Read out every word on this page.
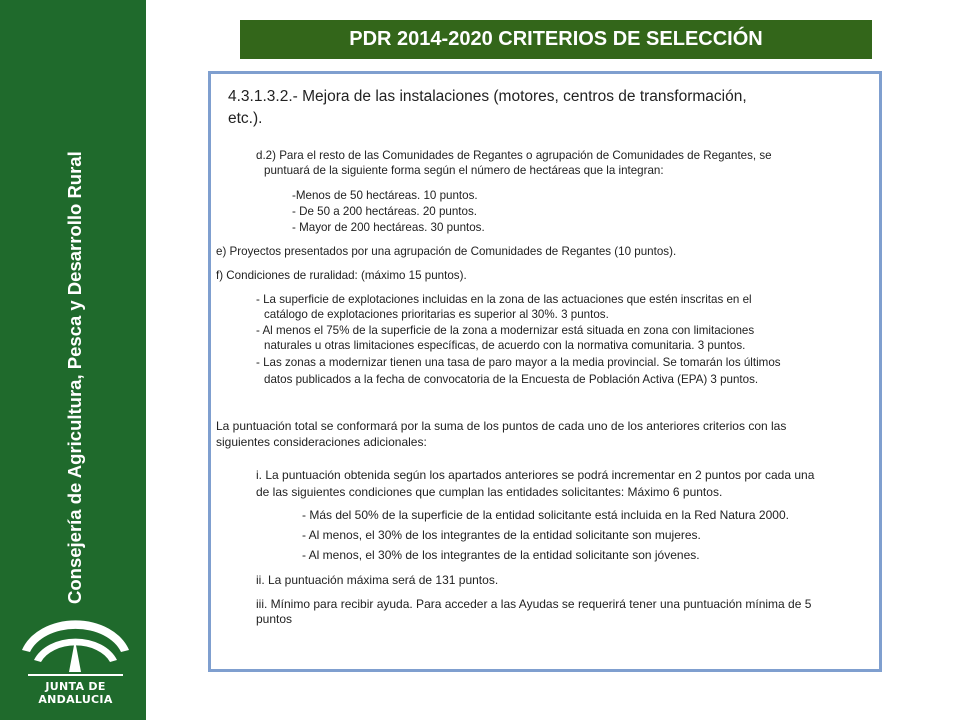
Consejería de Agricultura, Pesca y Desarrollo Rural
JUNTA DE ANDALUCIA
PDR 2014-2020 CRITERIOS DE SELECCIÓN

4.3.1.3.2.- Mejora de las instalaciones (motores, centros de transformación,

etc.).

d.2) Para el resto de las Comunidades de Regantes o agrupación de Comunidades de Regantes, se

puntuará de la siguiente forma según el número de hectáreas que la integran:

-Menos de 50 hectáreas. 10 puntos.

- De 50 a 200 hectáreas. 20 puntos.

- Mayor de 200 hectáreas. 30 puntos.

e) Proyectos presentados por una agrupación de Comunidades de Regantes (10 puntos).

f) Condiciones de ruralidad: (máximo 15 puntos).

- La superficie de explotaciones incluidas en la zona de las actuaciones que estén inscritas en el

catálogo de explotaciones prioritarias es superior al 30%. 3 puntos.

- Al menos el 75% de la superficie de la zona a modernizar está situada en zona con limitaciones

naturales u otras limitaciones específicas, de acuerdo con la normativa comunitaria. 3 puntos.

- Las zonas a modernizar tienen una tasa de paro mayor a la media provincial. Se tomarán los últimos

datos publicados a la fecha de convocatoria de la Encuesta de Población Activa (EPA) 3 puntos.

La puntuación total se conformará por la suma de los puntos de cada uno de los anteriores criterios con las

siguientes consideraciones adicionales:

i. La puntuación obtenida según los apartados anteriores se podrá incrementar en 2 puntos por cada una

de las siguientes condiciones que cumplan las entidades solicitantes: Máximo 6 puntos.

- Más del 50% de la superficie de la entidad solicitante está incluida en la Red Natura 2000.

- Al menos, el 30% de los integrantes de la entidad solicitante son mujeres.

- Al menos, el 30% de los integrantes de la entidad solicitante son jóvenes.

ii. La puntuación máxima será de 131 puntos.

iii. Mínimo para recibir ayuda. Para acceder a las Ayudas se requerirá tener una puntuación mínima de 5

puntos
